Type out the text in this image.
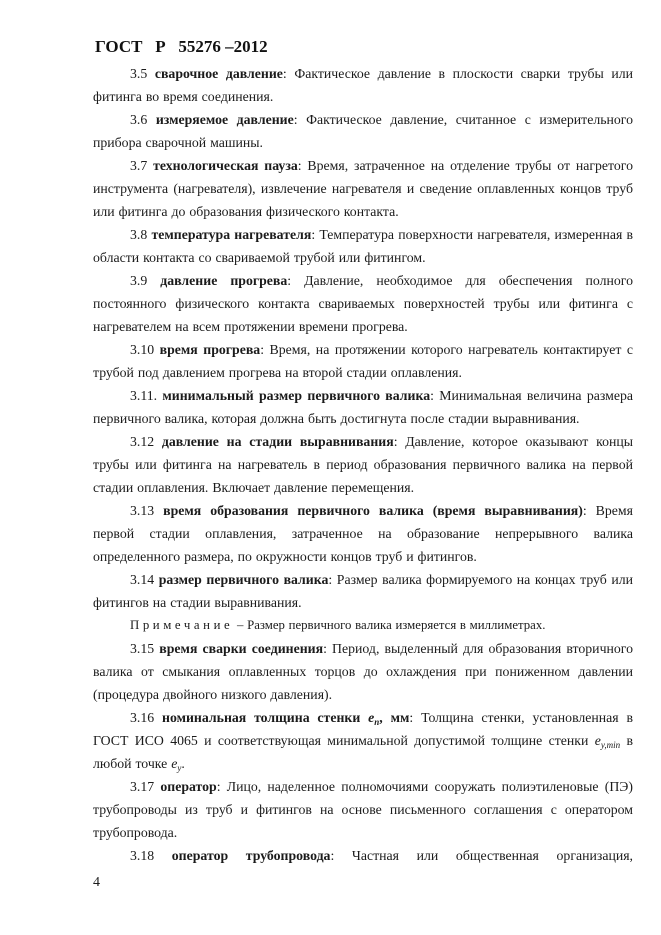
ГОСТ   Р   55276 –2012

3.5 сварочное давление: Фактическое давление в плоскости сварки трубы или фитинга во время соединения.

3.6 измеряемое давление: Фактическое давление, считанное с измерительного прибора сварочной машины.

3.7 технологическая пауза: Время, затраченное на отделение трубы от нагретого инструмента (нагревателя), извлечение нагревателя и сведение оплавленных концов труб или фитинга до образования физического контакта.

3.8 температура нагревателя: Температура поверхности нагревателя, измеренная в области контакта со свариваемой трубой или фитингом.

3.9 давление прогрева: Давление, необходимое для обеспечения полного постоянного физического контакта свариваемых поверхностей трубы или фитинга с нагревателем на всем протяжении времени прогрева.

3.10 время прогрева: Время, на протяжении которого нагреватель контактирует с трубой под давлением прогрева на второй стадии оплавления.

3.11. минимальный размер первичного валика: Минимальная величина размера первичного валика, которая должна быть достигнута после стадии выравнивания.

3.12 давление на стадии выравнивания: Давление, которое оказывают концы трубы или фитинга на нагреватель в период образования первичного валика на первой стадии оплавления. Включает давление перемещения.

3.13 время образования первичного валика (время выравнивания): Время первой стадии оплавления, затраченное на образование непрерывного валика определенного размера, по окружности концов труб и фитингов.

3.14 размер первичного валика: Размер валика формируемого на концах труб или фитингов на стадии выравнивания.

Примечание – Размер первичного валика измеряется в миллиметрах.

3.15 время сварки соединения: Период, выделенный для образования вторичного валика от смыкания оплавленных торцов до охлаждения при пониженном давлении (процедура двойного низкого давления).

3.16 номинальная толщина стенки $e_n$, мм: Толщина стенки, установленная в ГОСТ ИСО 4065 и соответствующая минимальной допустимой толщине стенки $e_{y,min}$ в любой точке $e_y$.

3.17 оператор: Лицо, наделенное полномочиями сооружать полиэтиленовые (ПЭ) трубопроводы из труб и фитингов на основе письменного соглашения с оператором трубопровода.

3.18 оператор трубопровода: Частная или общественная организация,

4
